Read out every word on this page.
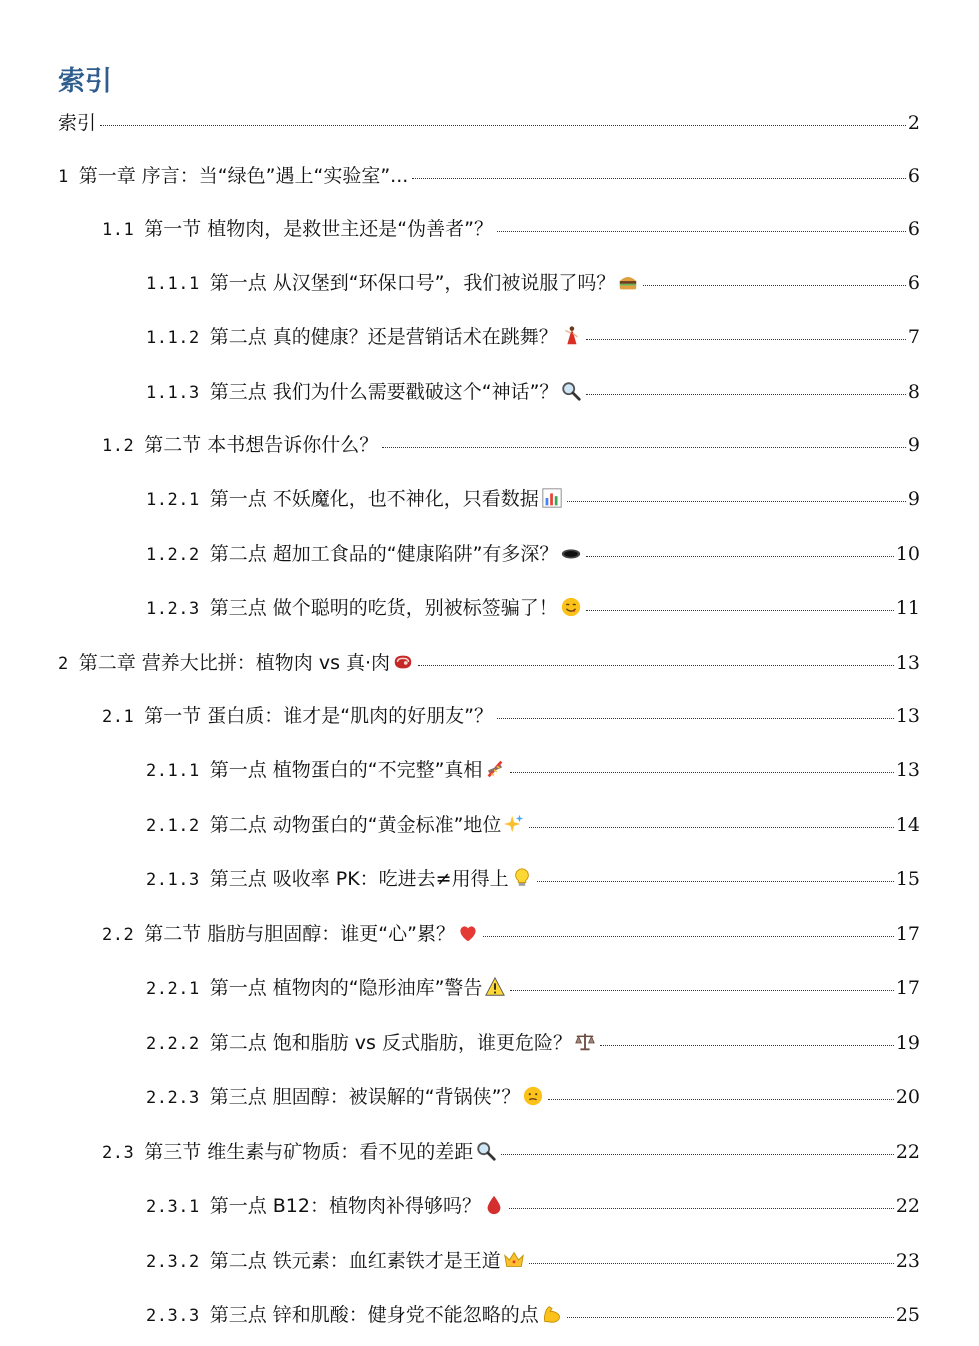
索引
索引	2
1 第一章 序言：当“绿色”遇上“实验室”...	6
1.1 第一节 植物肉，是救世主还是“伪善者”？	6
1.1.1 第一点 从汉堡到“环保口号”，我们被说服了吗？	6
1.1.2 第二点 真的健康？还是营销话术在跳舞？	7
1.1.3 第三点 我们为什么需要戳破这个“神话”？	8
1.2 第二节 本书想告诉你什么？	9
1.2.1 第一点 不妖魔化，也不神化，只看数据	9
1.2.2 第二点 超加工食品的“健康陷阱”有多深？	10
1.2.3 第三点 做个聪明的吃货，别被标签骗了！	11
2 第二章 营养大比拼：植物肉 vs 真·肉	13
2.1 第一节 蛋白质：谁才是“肌肉的好朋友”？	13
2.1.1 第一点 植物蛋白的“不完整”真相	13
2.1.2 第二点 动物蛋白的“黄金标准”地位	14
2.1.3 第三点 吸收率 PK：吃进去≠用得上	15
2.2 第二节 脂肪与胆固醇：谁更“心”累？	17
2.2.1 第一点 植物肉的“隐形油库”警告	17
2.2.2 第二点 饱和脂肪 vs 反式脂肪，谁更危险？	19
2.2.3 第三点 胆固醇：被误解的“背锅侠”？	20
2.3 第三节 维生素与矿物质：看不见的差距	22
2.3.1 第一点 B12：植物肉补得够吗？	22
2.3.2 第二点 铁元素：血红素铁才是王道	23
2.3.3 第三点 锌和肌酸：健身党不能忽略的点	25
